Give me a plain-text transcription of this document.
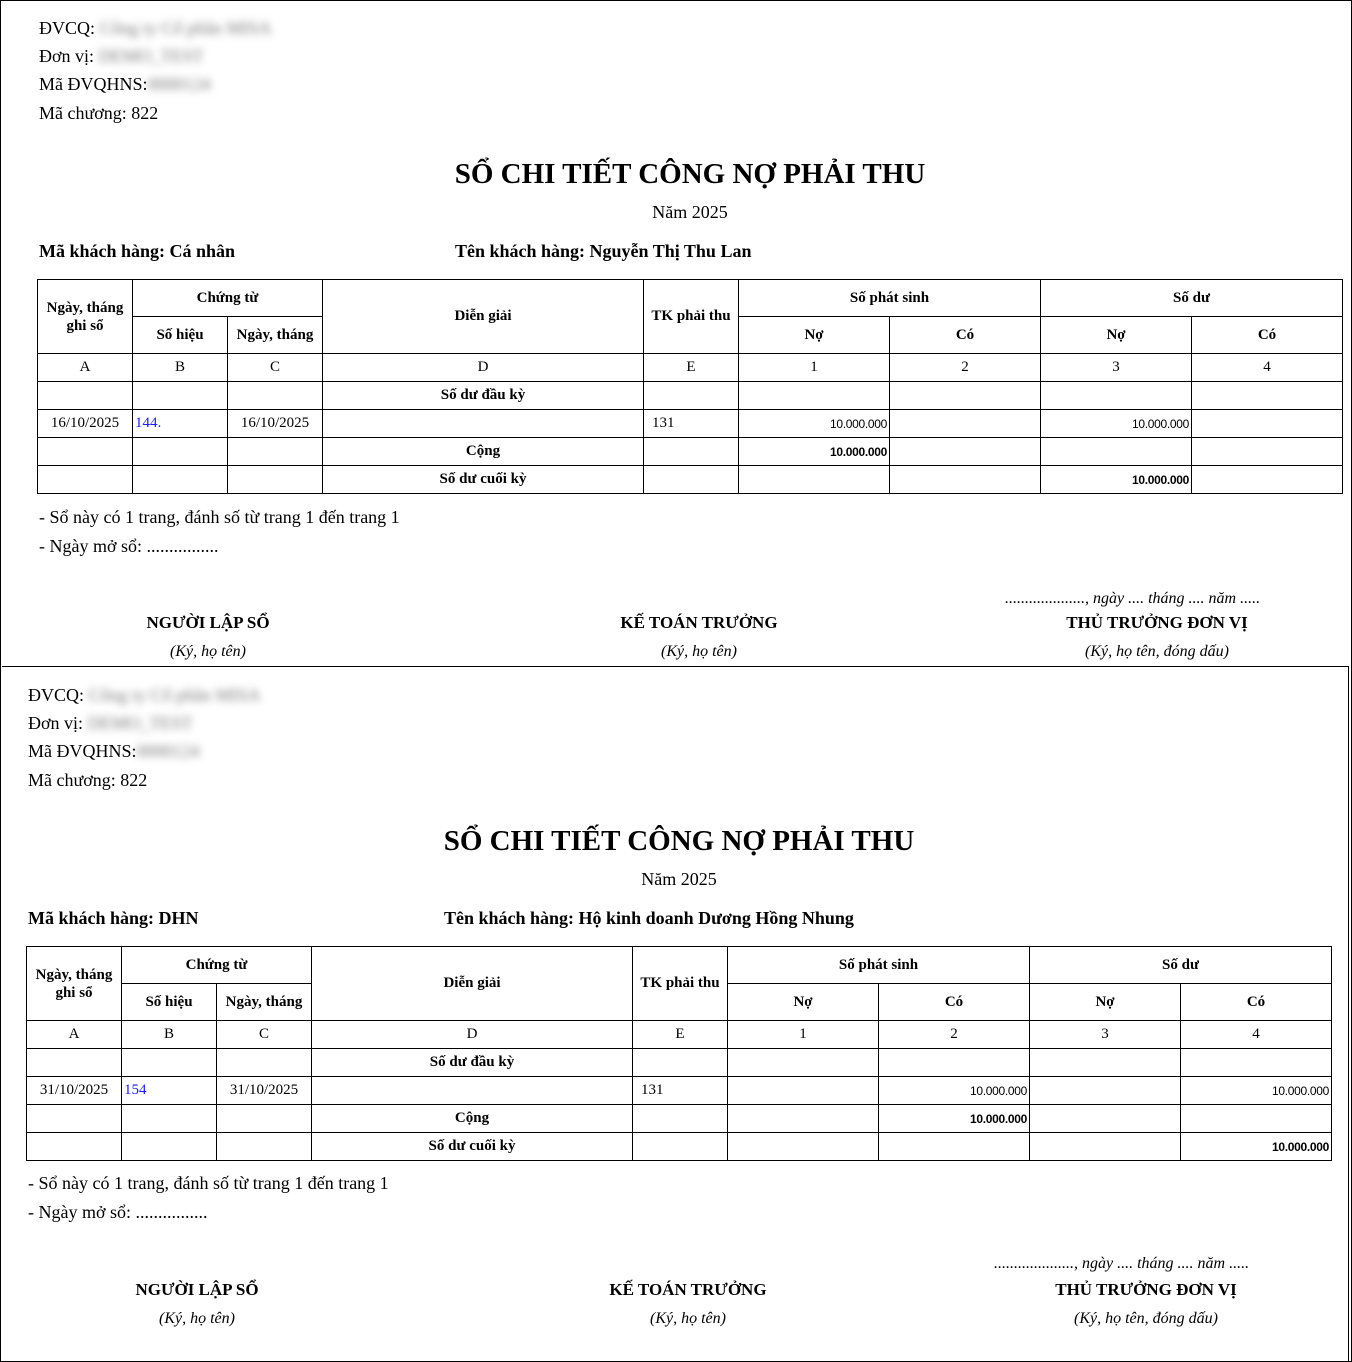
ĐVCQ: Công ty Cổ phần MISA
Đơn vị: DEMO_TEST
Mã ĐVQHNS:0000124
Mã chương: 822
SỔ CHI TIẾT CÔNG NỢ PHẢI THU
Năm 2025
Mã khách hàng: Cá nhân	Tên khách hàng: Nguyễn Thị Thu Lan
Ngày, tháng ghi sổ	Chứng từ		Diễn giải	TK phải thu	Số phát sinh		Số dư	
	Số hiệu	Ngày, tháng			Nợ	Có	Nợ	Có
A	B	C	D	E	1	2	3	4
			Số dư đầu kỳ					
16/10/2025	144.	16/10/2025		131	10.000.000		10.000.000	
			Cộng		10.000.000			
			Số dư cuối kỳ				10.000.000	
- Sổ này có 1 trang, đánh số từ trang 1 đến trang 1
- Ngày mở sổ: ................
...................., ngày .... tháng .... năm .....
NGƯỜI LẬP SỔ
(Ký, họ tên)
KẾ TOÁN TRƯỞNG
(Ký, họ tên)
THỦ TRƯỞNG ĐƠN VỊ
(Ký, họ tên, đóng dấu)
ĐVCQ: Công ty Cổ phần MISA
Đơn vị: DEMO_TEST
Mã ĐVQHNS:0000124
Mã chương: 822
SỔ CHI TIẾT CÔNG NỢ PHẢI THU
Năm 2025
Mã khách hàng: DHN	Tên khách hàng: Hộ kinh doanh Dương Hồng Nhung
Ngày, tháng ghi sổ	Chứng từ		Diễn giải	TK phải thu	Số phát sinh		Số dư	
	Số hiệu	Ngày, tháng			Nợ	Có	Nợ	Có
A	B	C	D	E	1	2	3	4
			Số dư đầu kỳ					
31/10/2025	154	31/10/2025		131		10.000.000		10.000.000
			Cộng			10.000.000		
			Số dư cuối kỳ					10.000.000
- Sổ này có 1 trang, đánh số từ trang 1 đến trang 1
- Ngày mở sổ: ................
...................., ngày .... tháng .... năm .....
NGƯỜI LẬP SỔ
(Ký, họ tên)
KẾ TOÁN TRƯỞNG
(Ký, họ tên)
THỦ TRƯỞNG ĐƠN VỊ
(Ký, họ tên, đóng dấu)
